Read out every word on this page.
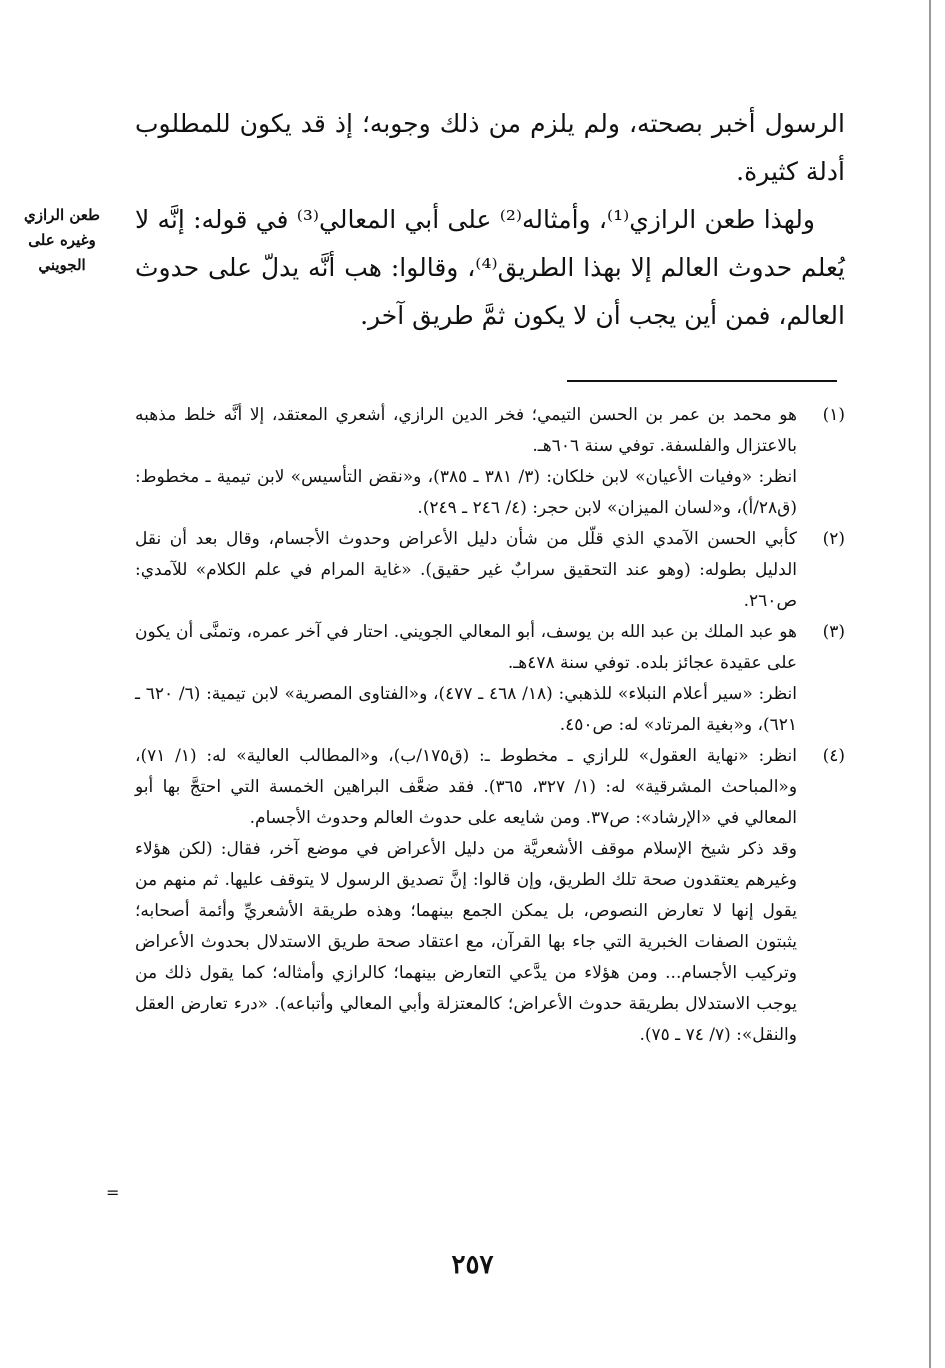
الرسول أخبر بصحته، ولم يلزم من ذلك وجوبه؛ إذ قد يكون للمطلوب أدلة كثيرة.

ولهذا طعن الرازي⁽¹⁾، وأمثاله⁽²⁾ على أبي المعالي⁽³⁾ في قوله: إنَّه لا يُعلم حدوث العالم إلا بهذا الطريق⁽⁴⁾، وقالوا: هب أنَّه يدلّ على حدوث العالم، فمن أين يجب أن لا يكون ثمَّ طريق آخر.

طعن الرازي
وغيره على الجويني
(١)

هو محمد بن عمر بن الحسن التيمي؛ فخر الدين الرازي، أشعري المعتقد، إلا أنَّه خلط مذهبه بالاعتزال والفلسفة. توفي سنة ٦٠٦هـ.

انظر: «وفيات الأعيان» لابن خلكان: (٣/ ٣٨١ ـ ٣٨٥)، و«نقض التأسيس» لابن تيمية ـ مخطوط: (ق٢٨/أ)، و«لسان الميزان» لابن حجر: (٤/ ٢٤٦ ـ ٢٤٩).

(٢)

كأبي الحسن الآمدي الذي قلّل من شأن دليل الأعراض وحدوث الأجسام، وقال بعد أن نقل الدليل بطوله: (وهو عند التحقيق سرابٌ غير حقيق). «غاية المرام في علم الكلام» للآمدي: ص٢٦٠.

(٣)

هو عبد الملك بن عبد الله بن يوسف، أبو المعالي الجويني. احتار في آخر عمره، وتمنَّى أن يكون على عقيدة عجائز بلده. توفي سنة ٤٧٨هـ.

انظر: «سير أعلام النبلاء» للذهبي: (١٨/ ٤٦٨ ـ ٤٧٧)، و«الفتاوى المصرية» لابن تيمية: (٦/ ٦٢٠ ـ ٦٢١)، و«بغية المرتاد» له: ص٤٥٠.

(٤)

انظر: «نهاية العقول» للرازي ـ مخطوط ـ: (ق١٧٥/ب)، و«المطالب العالية» له: (١/ ٧١)، و«المباحث المشرقية» له: (١/ ٣٢٧، ٣٦٥). فقد ضعَّف البراهين الخمسة التي احتجَّ بها أبو المعالي في «الإرشاد»: ص٣٧. ومن شايعه على حدوث العالم وحدوث الأجسام.

وقد ذكر شيخ الإسلام موقف الأشعريَّة من دليل الأعراض في موضع آخر، فقال: (لكن هؤلاء وغيرهم يعتقدون صحة تلك الطريق، وإن قالوا: إنَّ تصديق الرسول لا يتوقف عليها. ثم منهم من يقول إنها لا تعارض النصوص، بل يمكن الجمع بينهما؛ وهذه طريقة الأشعريِّ وأئمة أصحابه؛ يثبتون الصفات الخبرية التي جاء بها القرآن، مع اعتقاد صحة طريق الاستدلال بحدوث الأعراض وتركيب الأجسام... ومن هؤلاء من يدَّعي التعارض بينهما؛ كالرازي وأمثاله؛ كما يقول ذلك من يوجب الاستدلال بطريقة حدوث الأعراض؛ كالمعتزلة وأبي المعالي وأتباعه). «درء تعارض العقل والنقل»: (٧/ ٧٤ ـ ٧٥).

=
٢٥٧
